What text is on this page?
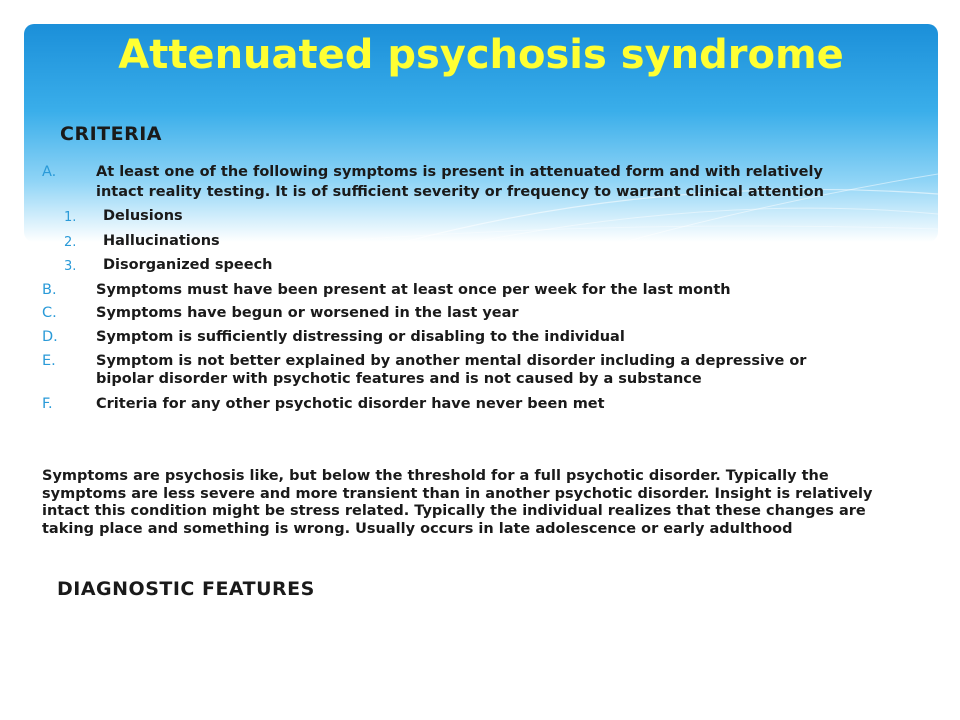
Attenuated psychosis syndrome
CRITERIA
A.	At least one of the following symptoms is present in attenuated form and with relatively
intact reality testing. It is of sufficient severity or frequency to warrant clinical attention
1. Delusions
2. Hallucinations
3. Disorganized speech
B.	Symptoms must have been present at least once per week for the last month
C.	Symptoms have begun or worsened in the last year
D.	Symptom is sufficiently distressing or disabling to the individual
E.	Symptom is not better explained by another mental disorder including a depressive or
bipolar disorder with psychotic features and is not caused by a substance
F.	Criteria for any other psychotic disorder have never been met
Symptoms are psychosis like, but below the threshold for a full psychotic disorder. Typically the symptoms are less severe and more transient than in another psychotic disorder. Insight is relatively intact this condition might be stress related. Typically the individual realizes that these changes are taking place and something is wrong. Usually occurs in late adolescence or early adulthood
DIAGNOSTIC FEATURES
